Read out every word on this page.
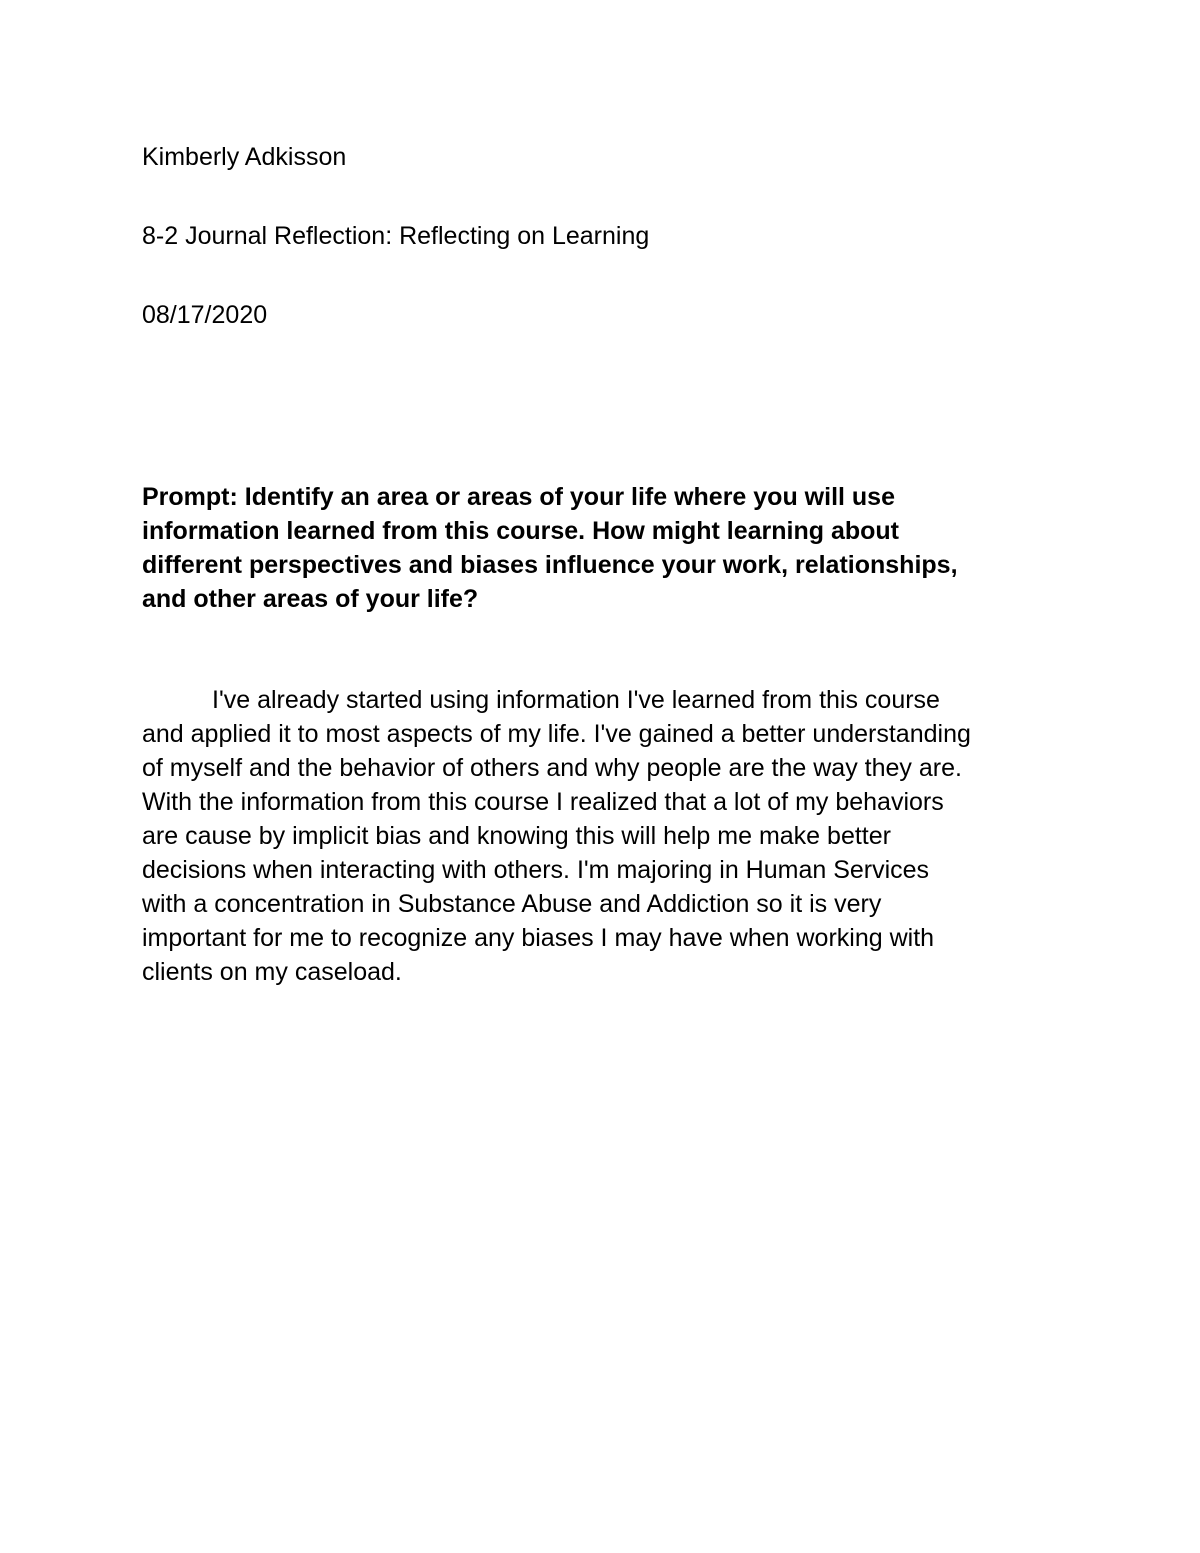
Kimberly Adkisson

8-2 Journal Reflection: Reflecting on Learning

08/17/2020

Prompt: Identify an area or areas of your life where you will use
information learned from this course. How might learning about
different perspectives and biases influence your work, relationships,
and other areas of your life?
I've already started using information I've learned from this course
and applied it to most aspects of my life. I've gained a better understanding
of myself and the behavior of others and why people are the way they are.
With the information from this course I realized that a lot of my behaviors
are cause by implicit bias and knowing this will help me make better
decisions when interacting with others. I'm majoring in Human Services
with a concentration in Substance Abuse and Addiction so it is very
important for me to recognize any biases I may have when working with
clients on my caseload.
